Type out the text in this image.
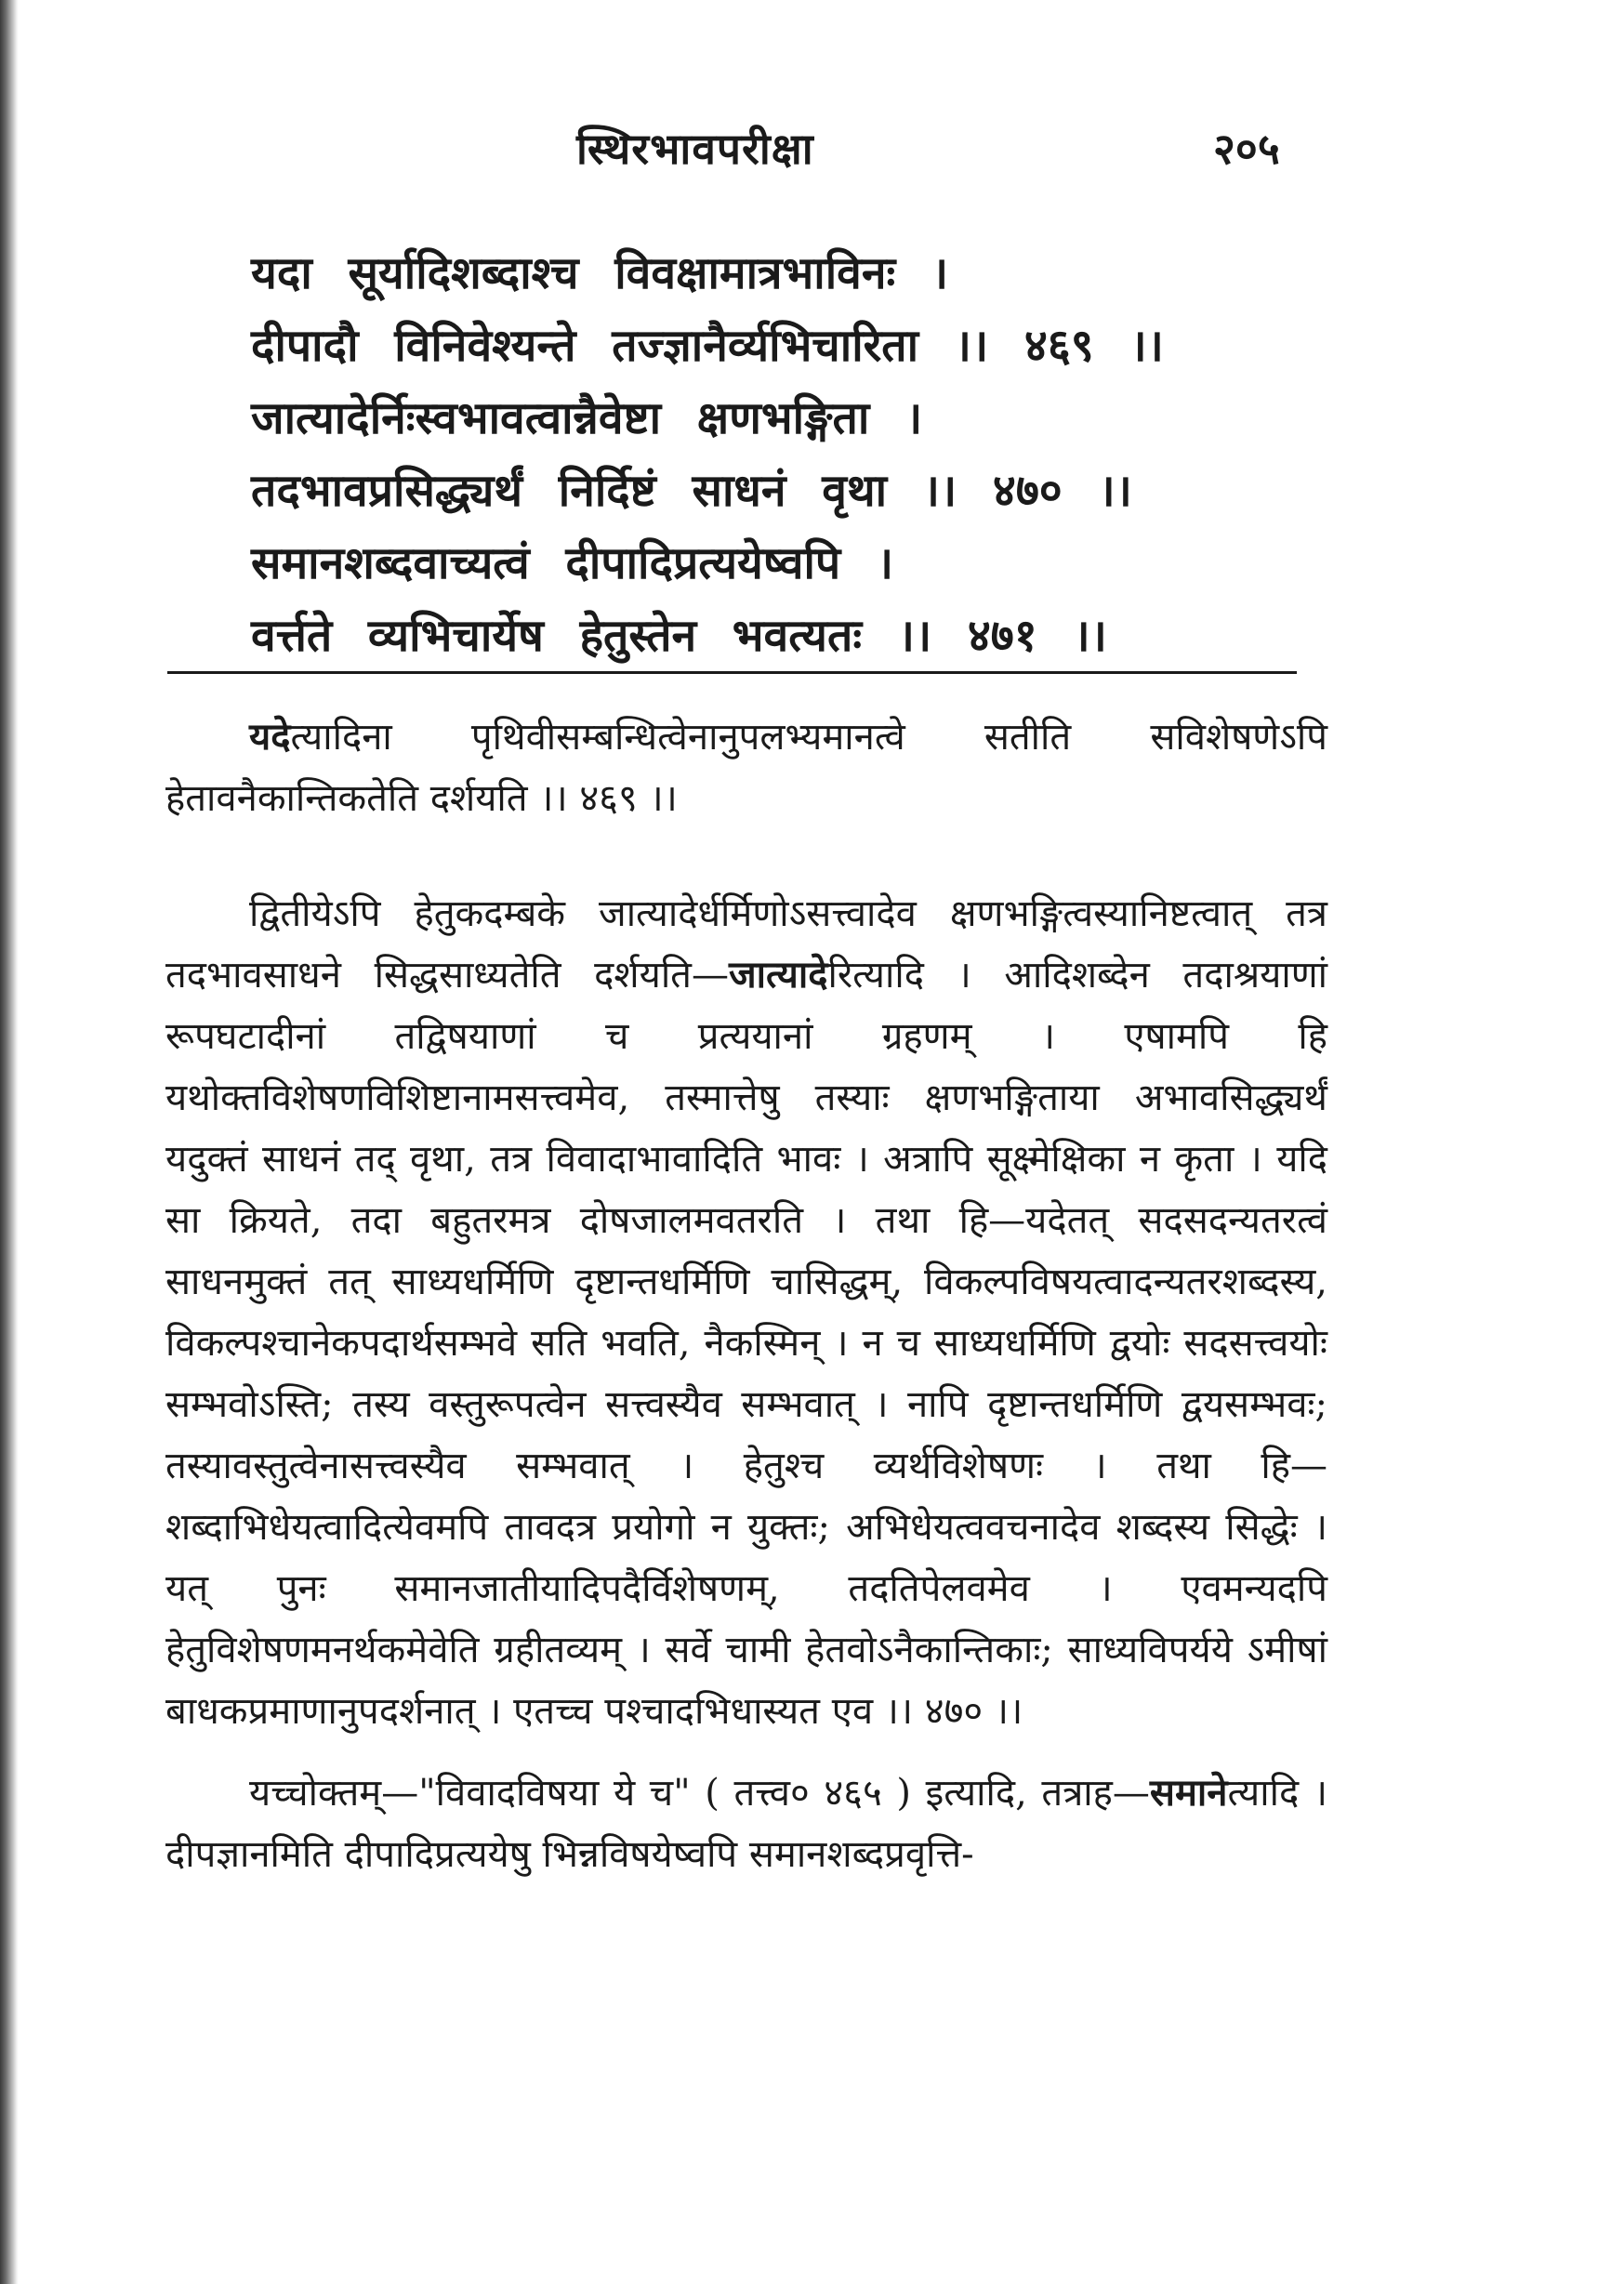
स्थिरभावपरीक्षा	२०५
यदा सूर्यादिशब्दाश्च विवक्षामात्रभाविनः ।
दीपादौ विनिवेश्यन्ते तज्ज्ञानैर्व्यभिचारिता ।। ४६९ ।।
जात्यादेर्निःस्वभावत्वान्नैवेष्टा क्षणभङ्गिता ।
तदभावप्रसिद्ध्यर्थं निर्दिष्टं साधनं वृथा ।। ४७० ।।
समानशब्दवाच्यत्वं दीपादिप्रत्ययेष्वपि ।
वर्त्तते व्यभिचार्येष हेतुस्तेन भवत्यतः ।। ४७१ ।।

यदेत्यादिना पृथिवीसम्बन्धित्वेनानुपलभ्यमानत्वे सतीति सविशेषणेऽपि हेतावनैकान्तिकतेति दर्शयति ।। ४६९ ।।

द्वितीयेऽपि हेतुकदम्बके जात्यादेर्धर्मिणोऽसत्त्वादेव क्षणभङ्गित्वस्यानिष्टत्वात् तत्र तदभावसाधने सिद्धसाध्यतेति दर्शयति—जात्यादेरित्यादि । आदिशब्देन तदाश्रयाणां रूपघटादीनां तद्विषयाणां च प्रत्ययानां ग्रहणम् । एषामपि हि यथोक्तविशेषणविशिष्टानामसत्त्वमेव, तस्मात्तेषु तस्याः क्षणभङ्गिताया अभावसिद्ध्यर्थं यदुक्तं साधनं तद् वृथा, तत्र विवादाभावादिति भावः । अत्रापि सूक्ष्मेक्षिका न कृता । यदि सा क्रियते, तदा बहुतरमत्र दोषजालमवतरति । तथा हि—यदेतत् सदसदन्यतरत्वं साधनमुक्तं तत् साध्यधर्मिणि दृष्टान्तधर्मिणि चासिद्धम्, विकल्पविषयत्वादन्यतरशब्दस्य, विकल्पश्चानेकपदार्थसम्भवे सति भवति, नैकस्मिन् । न च साध्यधर्मिणि द्वयोः सदसत्त्वयोः सम्भवोऽस्ति; तस्य वस्तुरूपत्वेन सत्त्वस्यैव सम्भवात् । नापि दृष्टान्तधर्मिणि द्वयसम्भवः; तस्यावस्तुत्वेनासत्त्वस्यैव सम्भवात् । हेतुश्च व्यर्थविशेषणः । तथा हि—शब्दाभिधेयत्वादित्येवमपि तावदत्र प्रयोगो न युक्तः; अभिधेयत्ववचनादेव शब्दस्य सिद्धेः । यत् पुनः समानजातीयादिपदैर्विशेषणम्, तदतिपेलवमेव । एवमन्यदपि हेतुविशेषणमनर्थकमेवेति ग्रहीतव्यम् । सर्वे चामी हेतवोऽनैकान्तिकाः; साध्यविपर्यये ऽमीषां बाधकप्रमाणानुपदर्शनात् । एतच्च पश्चादभिधास्यत एव ।। ४७० ।।

यच्चोक्तम्—"विवादविषया ये च" ( तत्त्व० ४६५ ) इत्यादि, तत्राह—समानेत्यादि । दीपज्ञानमिति दीपादिप्रत्ययेषु भिन्नविषयेष्वपि समानशब्दप्रवृत्ति-
